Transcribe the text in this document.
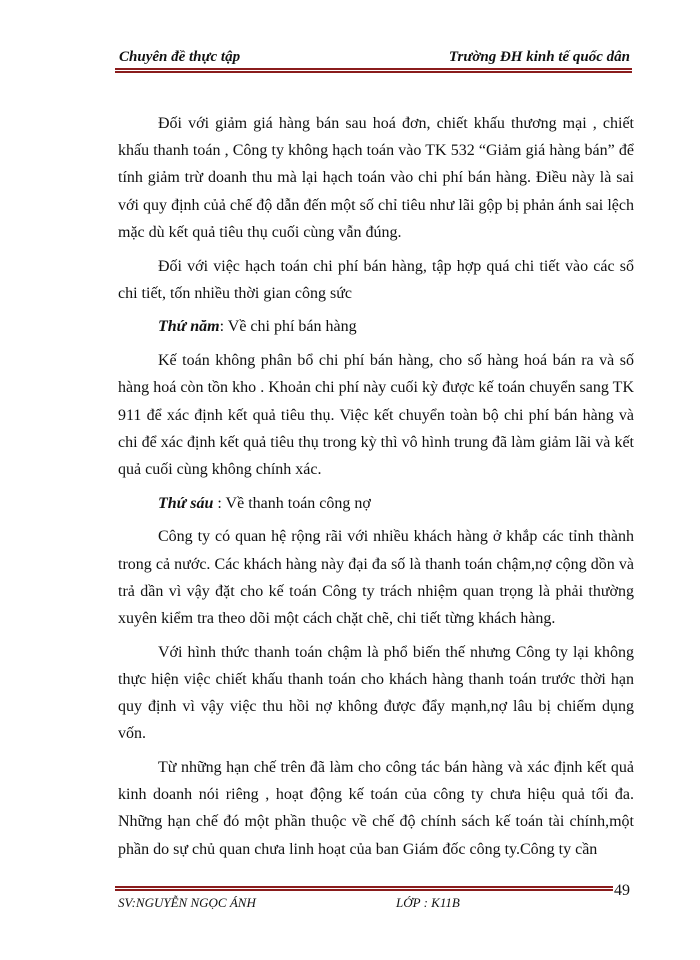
Chuyên đề thực tập	Trường ĐH kinh tế quốc dân

Đối với giảm giá hàng bán sau hoá đơn, chiết khấu thương mại , chiết khấu thanh toán , Công ty không hạch toán vào TK 532 “Giảm giá hàng bán” để tính giảm trừ doanh thu mà lại hạch toán vào chi phí bán hàng. Điều này là sai với quy định củả chế độ dẫn đến một số chỉ tiêu như lãi gộp bị phản ánh sai lệch mặc dù kết quả tiêu thụ cuối cùng vẫn đúng.

Đối với việc hạch toán chi phí bán hàng, tập hợp quá chi tiết vào các sổ chi tiết, tốn nhiều thời gian công sức

Thứ năm: Về chi phí bán hàng

Kế toán không phân bổ chi phí bán hàng, cho số hàng hoá bán ra và số hàng hoá còn tồn kho . Khoản chi phí này cuối kỳ được kế toán chuyển sang TK 911 để xác định kết quả tiêu thụ. Việc kết chuyển toàn bộ chi phí bán hàng và chi để xác định kết quả tiêu thụ trong kỳ thì vô hình trung đã làm giảm lãi và kết quả cuối cùng không chính xác.

Thứ sáu : Về thanh toán công nợ

Công ty có quan hệ rộng rãi với nhiều khách hàng ở khắp các tỉnh thành trong cả nước. Các khách hàng này đại đa số là thanh toán chậm,nợ cộng dồn và trả dần vì vậy đặt cho kế toán Công ty trách nhiệm quan trọng là phải thường xuyên kiểm tra theo dõi một cách chặt chẽ, chi tiết từng khách hàng.

Với hình thức thanh toán chậm là phổ biến thế nhưng Công ty lại không thực hiện việc chiết khấu thanh toán cho khách hàng thanh toán trước thời hạn quy định vì vậy việc thu hồi nợ không được đẩy mạnh,nợ lâu bị chiếm dụng vốn.

Từ những hạn chế trên đã làm cho công tác bán hàng và xác định kết quả kinh doanh nói riêng , hoạt động kế toán của công ty chưa hiệu quả tối đa. Những hạn chế đó một phần thuộc về chế độ chính sách kế toán tài chính,một phần do sự chủ quan chưa linh hoạt của ban Giám đốc công ty.Công ty cần

49
SV:NGUYỄN NGỌC ÁNH	LỚP : K11B
